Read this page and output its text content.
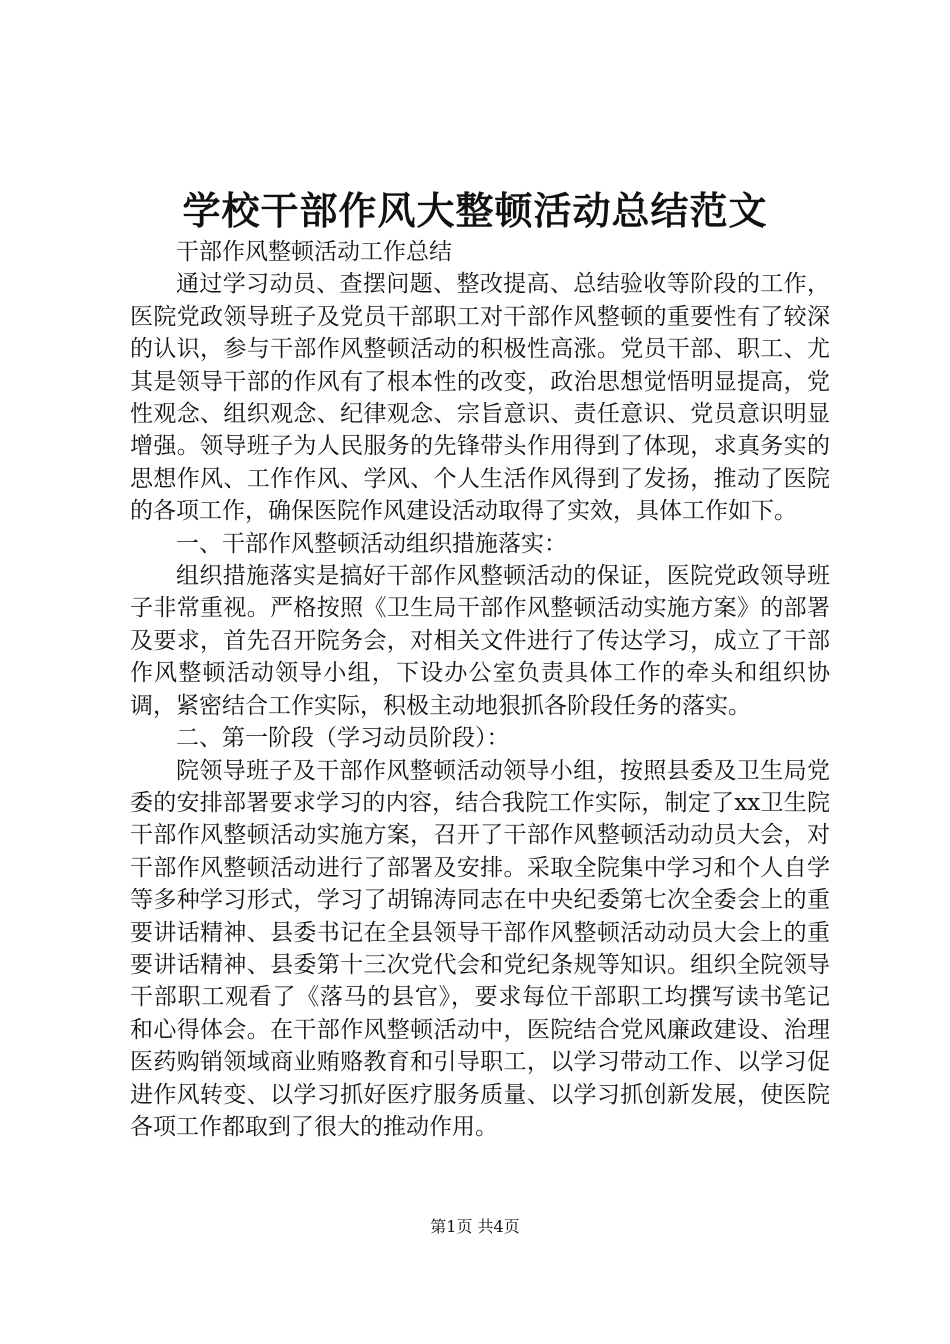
学校干部作风大整顿活动总结范文

干部作风整顿活动工作总结

通过学习动员、查摆问题、整改提高、总结验收等阶段的工作，医院党政领导班子及党员干部职工对干部作风整顿的重要性有了较深的认识，参与干部作风整顿活动的积极性高涨。党员干部、职工、尤其是领导干部的作风有了根本性的改变，政治思想觉悟明显提高，党性观念、组织观念、纪律观念、宗旨意识、责任意识、党员意识明显增强。领导班子为人民服务的先锋带头作用得到了体现，求真务实的思想作风、工作作风、学风、个人生活作风得到了发扬，推动了医院的各项工作，确保医院作风建设活动取得了实效，具体工作如下。

一、干部作风整顿活动组织措施落实：

组织措施落实是搞好干部作风整顿活动的保证，医院党政领导班子非常重视。严格按照《卫生局干部作风整顿活动实施方案》的部署及要求，首先召开院务会，对相关文件进行了传达学习，成立了干部作风整顿活动领导小组，下设办公室负责具体工作的牵头和组织协调，紧密结合工作实际，积极主动地狠抓各阶段任务的落实。

二、第一阶段（学习动员阶段）：

院领导班子及干部作风整顿活动领导小组，按照县委及卫生局党委的安排部署要求学习的内容，结合我院工作实际，制定了xx卫生院干部作风整顿活动实施方案，召开了干部作风整顿活动动员大会，对干部作风整顿活动进行了部署及安排。采取全院集中学习和个人自学等多种学习形式，学习了胡锦涛同志在中央纪委第七次全委会上的重要讲话精神、县委书记在全县领导干部作风整顿活动动员大会上的重要讲话精神、县委第十三次党代会和党纪条规等知识。组织全院领导干部职工观看了《落马的县官》，要求每位干部职工均撰写读书笔记和心得体会。在干部作风整顿活动中，医院结合党风廉政建设、治理医药购销领域商业贿赂教育和引导职工，以学习带动工作、以学习促进作风转变、以学习抓好医疗服务质量、以学习抓创新发展，使医院各项工作都取到了很大的推动作用。

第1页 共4页
